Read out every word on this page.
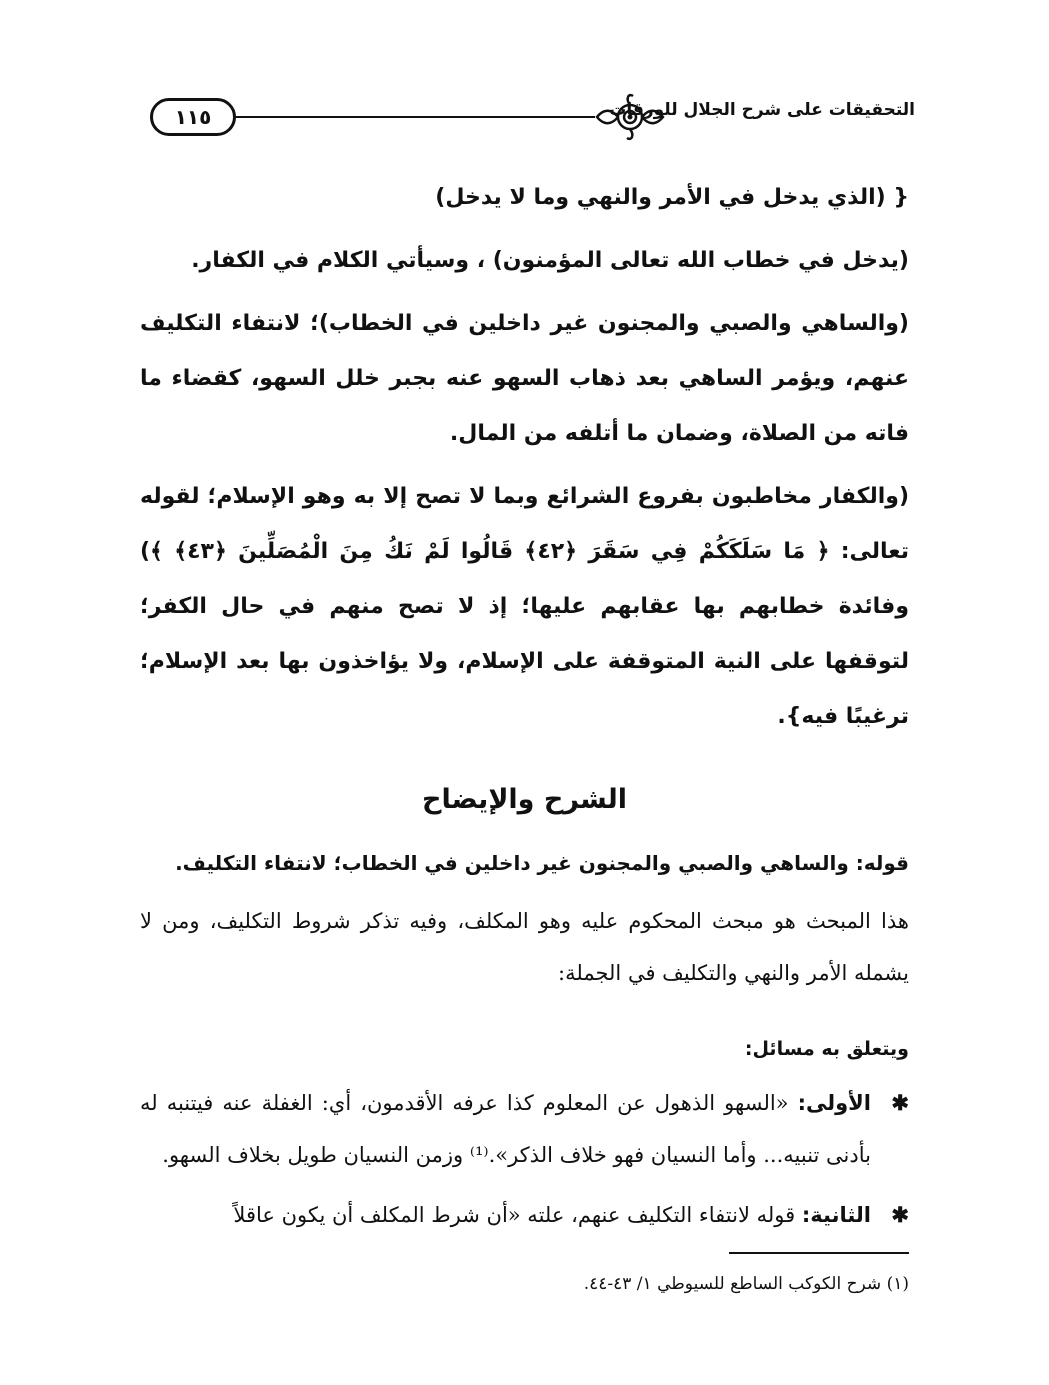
١١٥	التحقيقات على شرح الجلال للورقات

{ (الذي يدخل في الأمر والنهي وما لا يدخل)

(يدخل في خطاب الله تعالى المؤمنون) ، وسيأتي الكلام في الكفار.

(والساهي والصبي والمجنون غير داخلين في الخطاب)؛ لانتفاء التكليف عنهم، ويؤمر الساهي بعد ذهاب السهو عنه بجبر خلل السهو، كقضاء ما فاته من الصلاة، وضمان ما أتلفه من المال.

(والكفار مخاطبون بفروع الشرائع وبما لا تصح إلا به وهو الإسلام؛ لقوله تعالى: ﴿ مَا سَلَكَكُمْ فِي سَقَرَ ﴿٤٢﴾ قَالُوا لَمْ نَكُ مِنَ الْمُصَلِّينَ ﴿٤٣﴾ ﴾) وفائدة خطابهم بها عقابهم عليها؛ إذ لا تصح منهم في حال الكفر؛ لتوقفها على النية المتوقفة على الإسلام، ولا يؤاخذون بها بعد الإسلام؛ ترغيبًا فيه}.

الشرح والإيضاح

قوله: والساهي والصبي والمجنون غير داخلين في الخطاب؛ لانتفاء التكليف.

هذا المبحث هو مبحث المحكوم عليه وهو المكلف، وفيه تذكر شروط التكليف، ومن لا يشمله الأمر والنهي والتكليف في الجملة:

ويتعلق به مسائل:

✱
الأولى: «السهو الذهول عن المعلوم كذا عرفه الأقدمون، أي: الغفلة عنه فيتنبه له بأدنى تنبيه... وأما النسيان فهو خلاف الذكر».⁽¹⁾ وزمن النسيان طويل بخلاف السهو.
✱
الثانية: قوله لانتفاء التكليف عنهم، علته «أن شرط المكلف أن يكون عاقلاً
(١) شرح الكوكب الساطع للسيوطي ١/ ٤٣-٤٤.
